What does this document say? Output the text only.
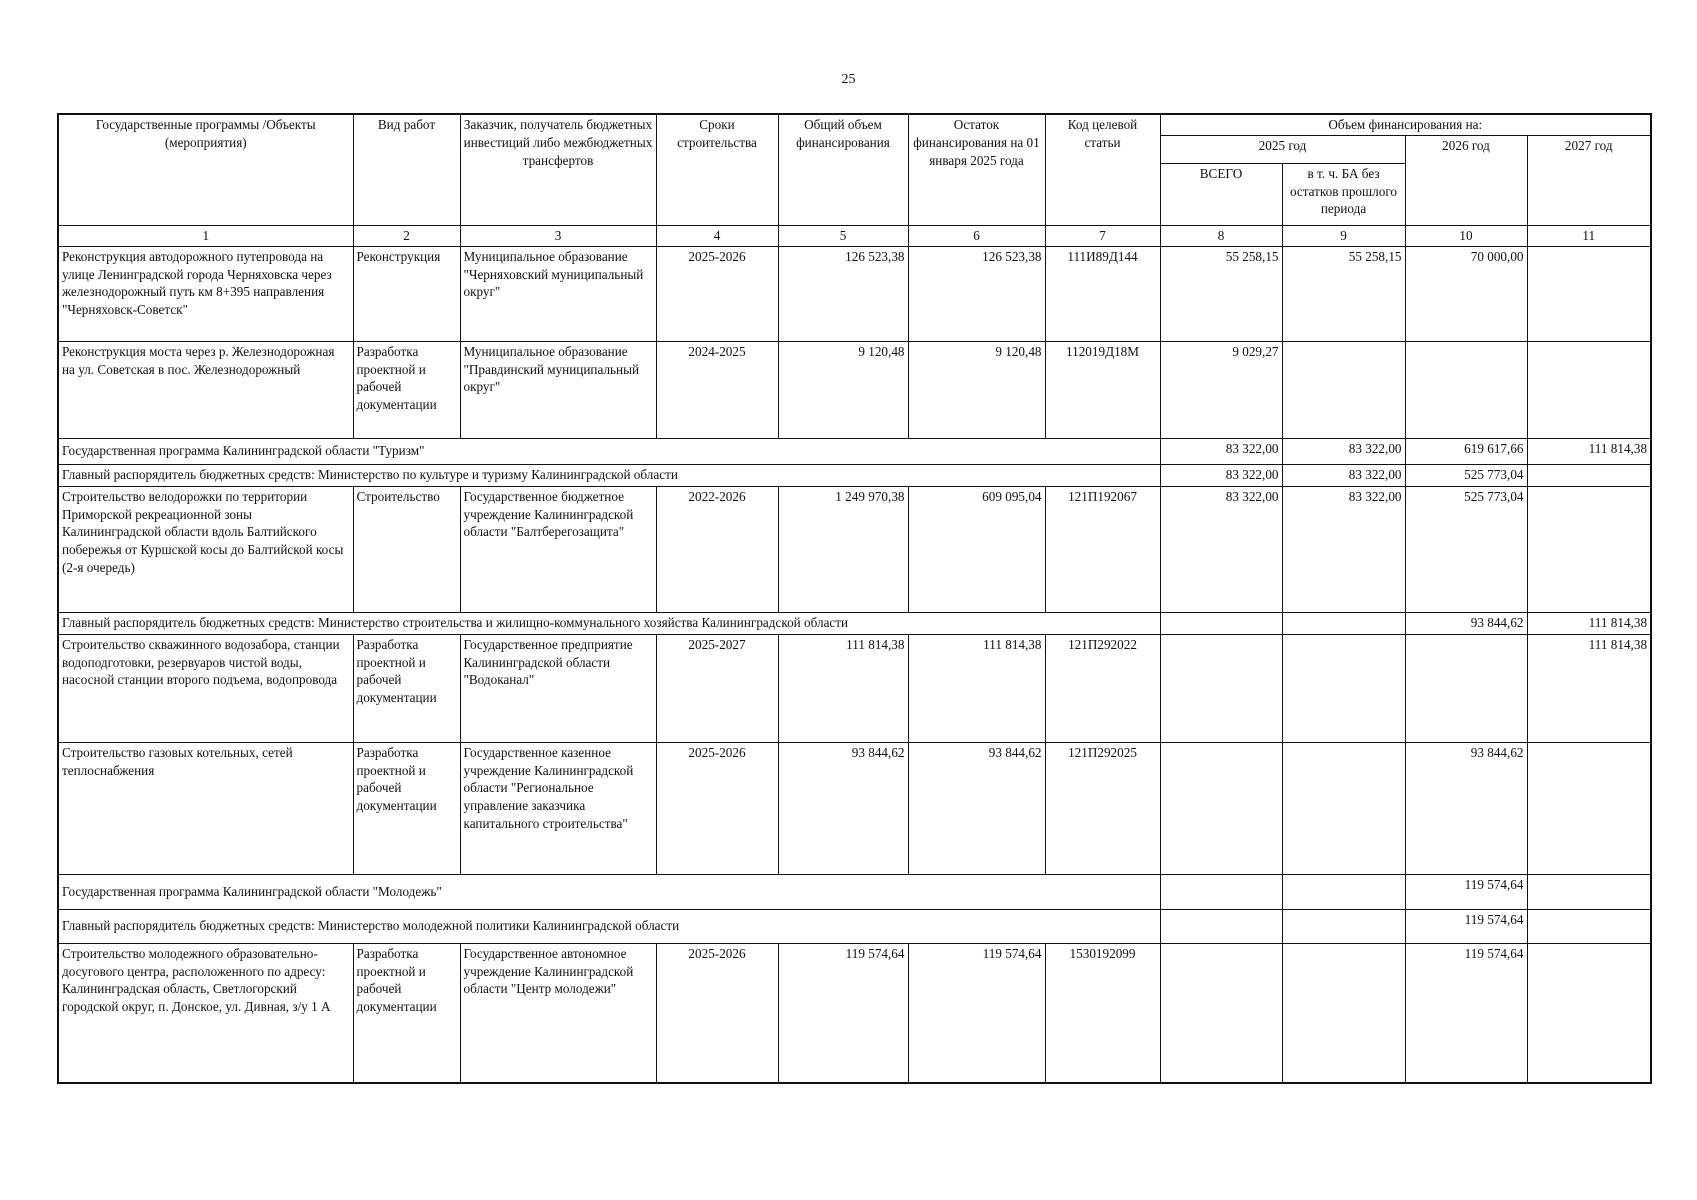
25
Государственные программы /Объекты (мероприятия)	Вид работ	Заказчик, получатель бюджетных инвестиций либо межбюджетных трансфертов	Сроки строительства	Общий объем финансирования	Остаток финансирования на 01 января 2025 года	Код целевой статьи	Объем финансирования на:			
							2025 год		2026 год	2027 год
							ВСЕГО	в т. ч. БА без остатков прошлого периода		
1	2	3	4	5	6	7	8	9	10	11
Реконструкция автодорожного путепровода на улице Ленинградской города Черняховска через железнодорожный путь км 8+395 направления "Черняховск-Советск"	Реконструкция	Муниципальное образование "Черняховский муниципальный округ"	2025-2026	126 523,38	126 523,38	111И89Д144	55 258,15	55 258,15	70 000,00	
Реконструкция моста через р. Железнодорожная на ул. Советская в пос. Железнодорожный	Разработка проектной и рабочей документации	Муниципальное образование "Правдинский муниципальный округ"	2024-2025	9 120,48	9 120,48	112019Д18М	9 029,27			
Государственная программа Калининградской области "Туризм"							83 322,00	83 322,00	619 617,66	111 814,38
Главный распорядитель бюджетных средств: Министерство по культуре и туризму Калининградской области							83 322,00	83 322,00	525 773,04	
Строительство велодорожки по территории Приморской рекреационной зоны Калининградской области вдоль Балтийского побережья от Куршской косы до Балтийской косы (2-я очередь)	Строительство	Государственное бюджетное учреждение Калининградской области "Балтберегозащита"	2022-2026	1 249 970,38	609 095,04	121П192067	83 322,00	83 322,00	525 773,04	
Главный распорядитель бюджетных средств: Министерство строительства и жилищно-коммунального хозяйства Калининградской области									93 844,62	111 814,38
Строительство скважинного водозабора, станции водоподготовки, резервуаров чистой воды, насосной станции второго подъема, водопровода	Разработка проектной и рабочей документации	Государственное предприятие Калининградской области "Водоканал"	2025-2027	111 814,38	111 814,38	121П292022				111 814,38
Строительство газовых котельных, сетей теплоснабжения	Разработка проектной и рабочей документации	Государственное казенное учреждение Калининградской области "Региональное управление заказчика капитального строительства"	2025-2026	93 844,62	93 844,62	121П292025			93 844,62	
Государственная программа Калининградской области "Молодежь"									119 574,64	
Главный распорядитель бюджетных средств: Министерство молодежной политики Калининградской области									119 574,64	
Строительство молодежного образовательно-досугового центра, расположенного по адресу: Калининградская область, Светлогорский городской округ, п. Донское, ул. Дивная, з/у 1 А	Разработка проектной и рабочей документации	Государственное автономное учреждение Калининградской области "Центр молодежи"	2025-2026	119 574,64	119 574,64	1530192099			119 574,64	
